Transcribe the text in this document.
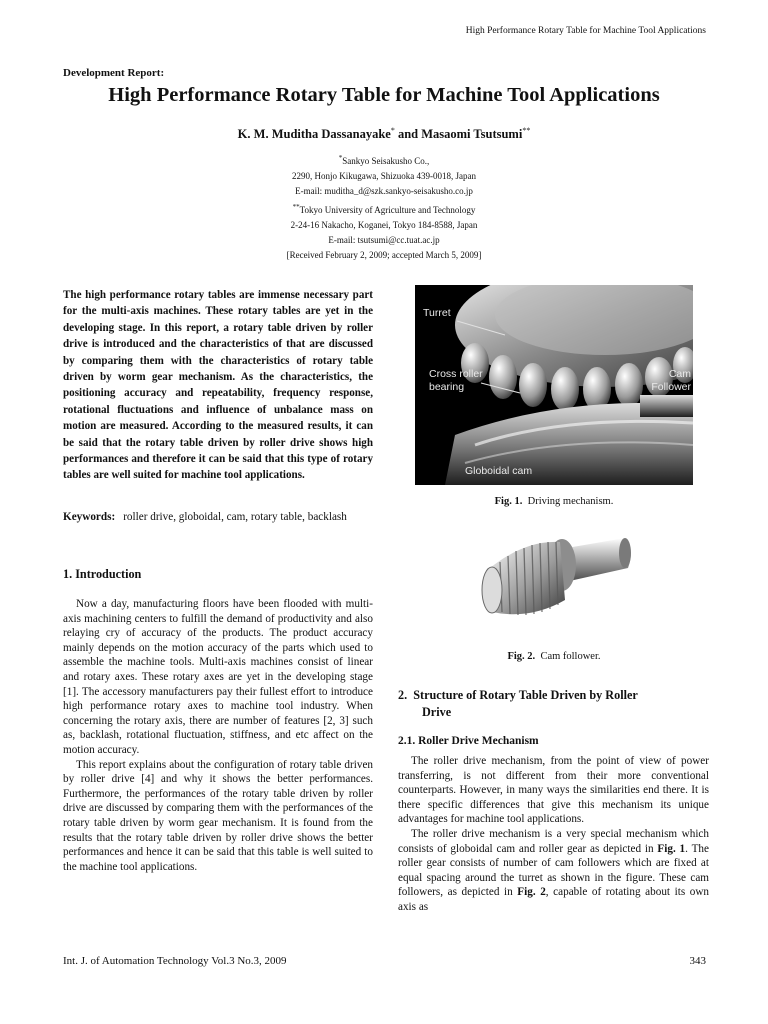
High Performance Rotary Table for Machine Tool Applications
Development Report:
High Performance Rotary Table for Machine Tool Applications
K. M. Muditha Dassanayake* and Masaomi Tsutsumi**
*Sankyo Seisakusho Co.,
2290, Honjo Kikugawa, Shizuoka 439-0018, Japan
E-mail: muditha_d@szk.sankyo-seisakusho.co.jp
**Tokyo University of Agriculture and Technology
2-24-16 Nakacho, Koganei, Tokyo 184-8588, Japan
E-mail: tsutsumi@cc.tuat.ac.jp
[Received February 2, 2009; accepted March 5, 2009]
The high performance rotary tables are immense necessary part for the multi-axis machines. These rotary tables are yet in the developing stage. In this report, a rotary table driven by roller drive is introduced and the characteristics of that are discussed by comparing them with the characteristics of rotary table driven by worm gear mechanism. As the characteristics, the positioning accuracy and repeatability, frequency response, rotational fluctuations and influence of unbalance mass on motion are measured. According to the measured results, it can be said that the rotary table driven by roller drive shows high performances and therefore it can be said that this type of rotary tables are well suited for machine tool applications.
Keywords: roller drive, globoidal, cam, rotary table, backlash
1. Introduction

Now a day, manufacturing floors have been flooded with multi-axis machining centers to fulfill the demand of productivity and also relaying cry of accuracy of the products. The product accuracy mainly depends on the motion accuracy of the parts which used to assemble the machine tools. Multi-axis machines consist of linear and rotary axes. These rotary axes are yet in the developing stage [1]. The accessory manufacturers pay their fullest effort to introduce high performance rotary axes to machine tool industry. When concerning the rotary axis, there are number of features [2, 3] such as, backlash, rotational fluctuation, stiffness, and etc affect on the motion accuracy.

This report explains about the configuration of rotary table driven by roller drive [4] and why it shows the better performances. Furthermore, the performances of the rotary table driven by roller drive are discussed by comparing them with the performances of the rotary table driven by worm gear mechanism. It is found from the results that the rotary table driven by roller drive shows the better performances and hence it can be said that this table is well suited to the machine tool applications.

Turret
Cross roller
bearing
Cam
Follower
Globoidal cam
Fig. 1. Driving mechanism.
Fig. 2. Cam follower.
2. Structure of Rotary Table Driven by Roller
Drive
2.1. Roller Drive Mechanism

The roller drive mechanism, from the point of view of power transferring, is not different from their more conventional counterparts. However, in many ways the similarities end there. It is there specific differences that give this mechanism its unique advantages for machine tool applications.

The roller drive mechanism is a very special mechanism which consists of globoidal cam and roller gear as depicted in Fig. 1. The roller gear consists of number of cam followers which are fixed at equal spacing around the turret as shown in the figure. These cam followers, as depicted in Fig. 2, capable of rotating about its own axis as

Int. J. of Automation Technology Vol.3 No.3, 2009	343
